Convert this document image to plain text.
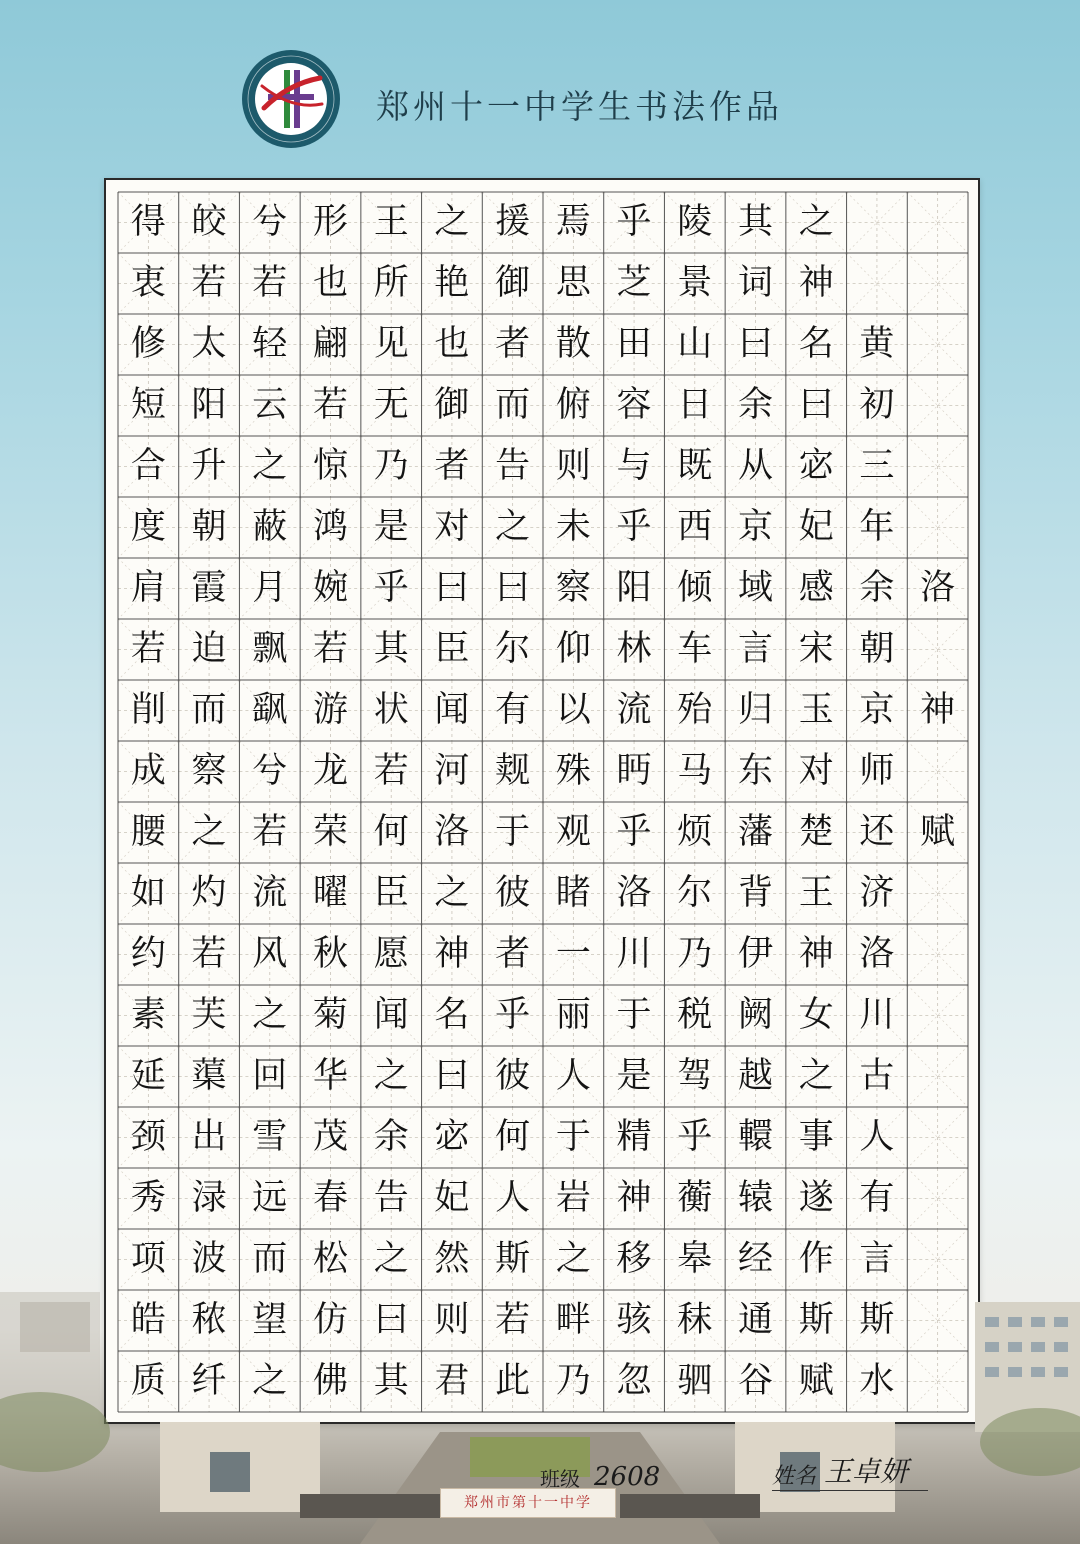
郑州十一中学生书法作品
得 皎 兮 形 王 之 援 焉 乎 陵 其 之
衷 若 若 也 所 艳 御 思 芝 景 词 神
修 太 轻 翩 见 也 者 散 田 山 曰 名 黄
短 阳 云 若 无 御 而 俯 容 日 余 曰 初
合 升 之 惊 乃 者 告 则 与 既 从 宓 三
度 朝 蔽 鸿 是 对 之 未 乎 西 京 妃 年
肩 霞 月 婉 乎 曰 曰 察 阳 倾 域 感 余 洛
若 迫 飘 若 其 臣 尔 仰 林 车 言 宋 朝
削 而 飖 游 状 闻 有 以 流 殆 归 玉 京 神
成 察 兮 龙 若 河 觌 殊 眄 马 东 对 师
腰 之 若 荣 何 洛 于 观 乎 烦 藩 楚 还 赋
如 灼 流 曜 臣 之 彼 睹 洛 尔 背 王 济
约 若 风 秋 愿 神 者 一 川 乃 伊 神 洛
素 芙 之 菊 闻 名 乎 丽 于 税 阙 女 川
延 蕖 回 华 之 曰 彼 人 是 驾 越 之 古
颈 出 雪 茂 余 宓 何 于 精 乎 轘 事 人
秀 渌 远 春 告 妃 人 岩 神 蘅 辕 遂 有
项 波 而 松 之 然 斯 之 移 皋 经 作 言
皓 秾 望 仿 曰 则 若 畔 骇 秣 通 斯 斯
质 纤 之 佛 其 君 此 乃 忽 驷 谷 赋 水
郑州市第十一中学
班级 2608	姓名 王卓妍
